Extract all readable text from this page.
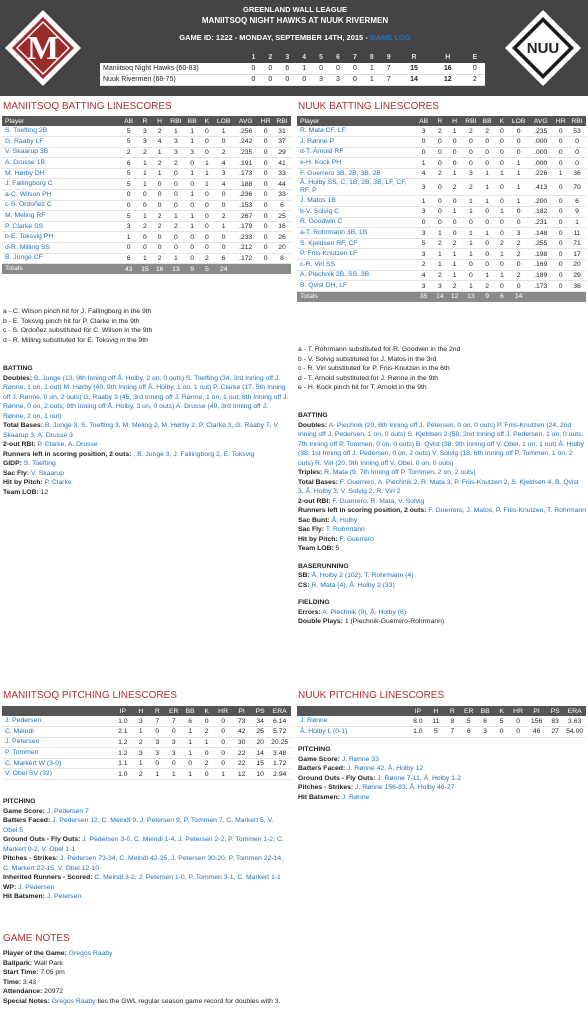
M	NUU
GREENLAND WALL LEAGUE
MANIITSOQ NIGHT HAWKS AT NUUK RIVERMEN
GAME ID: 1222 - MONDAY, SEPTEMBER 14TH, 2015 - GAME LOG
	1	2	3	4	5	6	7	8	9	R	H	E
Maniitsoq Night Hawks (60-83)	0	0	6	1	0	0	0	1	7	15	16	0
Nuuk Rivermen (68-75)	0	0	0	0	3	3	0	1	7	14	12	2
MANIITSOQ BATTING LINESCORES
Player	AB	R	H	RBI	BB	K	LOB	AVG	HR	RBI
S. Toefting 2B	5	3	2	1	1	0	1	.256	0	31
G. Raaby LF	5	3	4	3	1	0	0	.242	0	37
V. Skaarup 3B	2	2	1	3	3	0	2	.235	0	29
A. Drusse 1B	6	1	2	2	0	1	4	.191	0	41
M. Hørby DH	5	1	1	0	1	1	3	.173	0	33
J. Fallingborg C	5	1	0	0	0	1	4	.188	0	44
a-C. Wilson PH	0	0	0	0	1	0	0	.236	0	33
c-S. Ordoñez C	0	0	0	0	0	0	0	.153	0	6
M. Meling RF	5	1	2	1	1	0	2	.267	0	25
P. Clarke SS	3	2	2	2	1	0	1	.179	0	16
b-E. Toksvig PH	1	0	0	0	0	0	0	.233	0	26
d-R. Milling SS	0	0	0	0	0	0	0	.212	0	20
B. Junge CF	6	1	2	1	0	2	6	.172	0	8
Totals	43	15	16	13	9	5	24			
a - C. Wilson pinch hit for J. Fallingborg in the 9th
b - E. Toksvig pinch hit for P. Clarke in the 9th
c - S. Ordoñez substituted for C. Wilson in the 9th
d - R. Milling substituted for E. Toksvig in the 9th
BATTING
Doubles: B. Junge (13, 9th Inning off Å. Holby, 2 on, 0 outs) S. Toefting (34, 3rd Inning off J. Rønne, 1 on, 1 out) M. Hørby (40, 9th Inning off Å. Holby, 1 on, 1 out) P. Clarke (17, 5th Inning off J. Rønne, 0 on, 2 outs) G. Raaby 3 (45, 3rd Inning off J. Rønne, 1 on, 1 out; 8th Inning off J. Rønne, 0 on, 2 outs; 9th Inning off Å. Holby, 3 on, 0 outs) A. Drusse (49, 3rd Inning off J. Rønne, 2 on, 1 out)
Total Bases: B. Junge 3, S. Toefting 3, M. Meling 2, M. Hørby 2, P. Clarke 3, G. Raaby 7, V. Skaarup 3, A. Drusse 3
2-out RBI: P. Clarke, A. Drusse
Runners left in scoring position, 2 outs: , B. Junge 3, J. Fallingborg 2, E. Toksvig
GIDP: S. Toefting
Sac Fly: V. Skaarup
Hit by Pitch: P. Clarke
Team LOB: 12
NUUK BATTING LINESCORES
Player	AB	R	H	RBI	BB	K	LOB	AVG	HR	RBI
R. Mata CF, LF	3	2	1	2	2	0	0	.235	0	53
J. Rønne P	0	0	0	0	0	0	0	.000	0	0
d-T. Arnold RF	0	0	0	0	0	0	0	.000	0	0
e-H. Kock PH	1	0	0	0	0	0	1	.000	0	0
F. Guerrero 3B, 2B, 3B, 2B	4	2	1	3	1	1	1	.226	1	36
Å. Holby SS, C, 1B, 2B, 3B, LF, CF, RF, P	3	0	2	2	1	0	1	.413	0	70
J. Matos 1B	1	0	0	1	1	0	1	.200	0	6
b-V. Solvig C	3	0	1	1	0	1	0	.182	0	9
R. Goodwin C	0	0	0	0	0	0	0	.231	0	1
a-T. Rohrmann 3B, 1B	3	1	0	1	1	0	3	.148	0	11
S. Kjeldsen RF, CF	5	2	2	1	0	2	2	.255	0	71
P. Friis-Knutzen LF	3	1	1	1	0	1	2	.198	0	17
c-R. Virl SS	2	1	1	0	0	0	0	.169	0	20
A. Piechnik 2B, SS, 3B	4	2	1	0	1	1	2	.189	0	29
B. Qvist DH, LF	3	3	2	1	2	0	0	.173	0	36
Totals	35	14	12	13	9	6	14			
a - T. Rohrmann substituted for R. Goodwin in the 2nd
b - V. Solvig substituted for J. Matos in the 3rd
c - R. Virl substituted for P. Friis-Knutzen in the 6th
d - T. Arnold substituted for J. Rønne in the 9th
e - H. Kock pinch hit for T. Arnold in the 9th
BATTING
Doubles: A. Piechnik (20, 6th Inning off J. Petersen, 0 on, 0 outs) P. Friis-Knutzen (24, 2nd Inning off J. Pedersen, 1 on, 0 outs) S. Kjeldsen 2 (58, 2nd Inning off J. Pedersen, 1 on, 0 outs; 7th Inning off P. Tommen, 0 on, 0 outs) B. Qvist (38, 9th Inning off V. Obel, 1 on, 1 out) Å. Holby (38, 1st Inning off J. Pedersen, 0 on, 2 outs) V. Solvig (18, 6th Inning off P. Tommen, 1 on, 2 outs) R. Virl (20, 9th Inning off V. Obel, 0 on, 0 outs)
Triples: R. Mata (9, 7th Inning off P. Tommen, 2 on, 2 outs)
Total Bases: F. Guerrero, A. Piechnik 2, R. Mata 3, P. Friis-Knutzen 2, S. Kjeldsen 4, B. Qvist 3, Å. Holby 3, V. Solvig 2, R. Virl 2
2-out RBI: F. Guerrero, R. Mata, V. Solvig
Runners left in scoring position, 2 outs: F. Guerrero, J. Matos, P. Friis-Knutzen, T. Rohrmann
Sac Bunt: Å. Holby
Sac Fly: T. Rohrmann
Hit by Pitch: F. Guerrero
Team LOB: 5
BASERUNNING
SB: Å. Holby 2 (102), T. Rohrmann (4)
CS: R. Mata (4), Å. Holby 2 (33)
FIELDING
Errors: A. Piechnik (9), Å. Holby (6)
Double Plays: 1 (Piechnik-Guerrero-Rohrmann)
MANIITSOQ PITCHING LINESCORES
	IP	H	R	ER	BB	K	HR	PI	PS	ERA
J. Pedersen	1.0	3	7	7	6	0	0	73	34	6.14
C. Meindl	2.1	1	0	0	1	2	0	42	25	5.72
J. Petersen	1.2	2	3	3	1	1	0	30	20	20.25
P. Tommen	1.2	3	3	3	1	0	0	22	14	3.48
C. Markert W (3-0)	1.1	1	0	0	0	2	0	22	15	1.72
V. Obel SV (32)	1.0	2	1	1	1	0	1	12	10	2.94
PITCHING
Game Score: J. Pedersen 7
Batters Faced: J. Pedersen 12, C. Meindl 9, J. Petersen 9, P. Tommen 7, C. Markert 5, V. Obel 5
Ground Outs - Fly Outs: J. Pedersen 3-0, C. Meindl 1-4, J. Petersen 2-2, P. Tommen 1-2, C. Markert 0-2, V. Obel 1-1
Pitches - Strikes: J. Pedersen 73-34, C. Meindl 42-25, J. Petersen 30-20, P. Tommen 22-14, C. Markert 22-15, V. Obel 12-10
Inherited Runners - Scored: C. Meindl 3-2, J. Petersen 1-0, P. Tommen 3-1, C. Markert 1-1
WP: J. Pedersen
Hit Batsmen: J. Petersen
NUUK PITCHING LINESCORES
	IP	H	R	ER	BB	K	HR	PI	PS	ERA
J. Rønne	8.0	11	8	5	6	5	0	156	83	3.63
Å. Holby L (0-1)	1.0	5	7	6	3	0	0	46	27	54.00
PITCHING
Game Score: J. Rønne 33
Batters Faced: J. Rønne 42, Å. Holby 12
Ground Outs - Fly Outs: J. Rønne 7-11, Å. Holby 1-2
Pitches - Strikes: J. Rønne 156-83, Å. Holby 46-27
Hit Batsmen: J. Rønne
GAME NOTES
Player of the Game: Gregos Raaby
Ballpark: Wall Park
Start Time: 7:05 pm
Time: 3:43
Attendance: 20972
Special Notes: Gregos Raaby ties the GWL regular season game record for doubles with 3.
